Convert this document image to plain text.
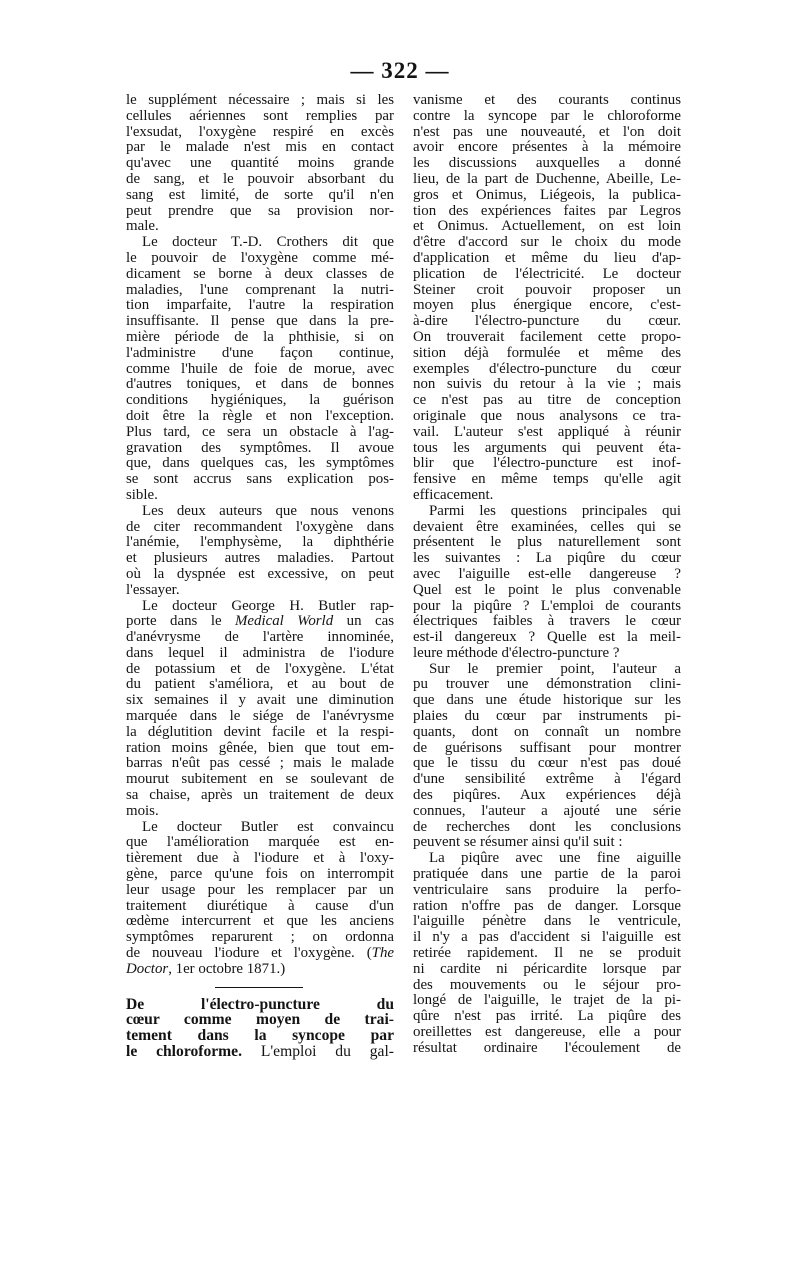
— 322 —
le supplément nécessaire ; mais si les
cellules aériennes sont remplies par
l'exsudat, l'oxygène respiré en excès
par le malade n'est mis en contact
qu'avec une quantité moins grande
de sang, et le pouvoir absorbant du
sang est limité, de sorte qu'il n'en
peut prendre que sa provision nor-
male.
Le docteur T.-D. Crothers dit que
le pouvoir de l'oxygène comme mé-
dicament se borne à deux classes de
maladies, l'une comprenant la nutri-
tion imparfaite, l'autre la respiration
insuffisante. Il pense que dans la pre-
mière période de la phthisie, si on
l'administre d'une façon continue,
comme l'huile de foie de morue, avec
d'autres toniques, et dans de bonnes
conditions hygiéniques, la guérison
doit être la règle et non l'exception.
Plus tard, ce sera un obstacle à l'ag-
gravation des symptômes. Il avoue
que, dans quelques cas, les symptômes
se sont accrus sans explication pos-
sible.
Les deux auteurs que nous venons
de citer recommandent l'oxygène dans
l'anémie, l'emphysème, la diphthérie
et plusieurs autres maladies. Partout
où la dyspnée est excessive, on peut
l'essayer.
Le docteur George H. Butler rap-
porte dans le Medical World un cas
d'anévrysme de l'artère innominée,
dans lequel il administra de l'iodure
de potassium et de l'oxygène. L'état
du patient s'améliora, et au bout de
six semaines il y avait une diminution
marquée dans le siége de l'anévrysme
la déglutition devint facile et la respi-
ration moins gênée, bien que tout em-
barras n'eût pas cessé ; mais le malade
mourut subitement en se soulevant de
sa chaise, après un traitement de deux
mois.
Le docteur Butler est convaincu
que l'amélioration marquée est en-
tièrement due à l'iodure et à l'oxy-
gène, parce qu'une fois on interrompit
leur usage pour les remplacer par un
traitement diurétique à cause d'un
œdème intercurrent et que les anciens
symptômes reparurent ; on ordonna
de nouveau l'iodure et l'oxygène. (The
Doctor, 1er octobre 1871.)
De l'électro-puncture du
cœur comme moyen de trai-
tement dans la syncope par
le chloroforme. L'emploi du gal-
vanisme et des courants continus
contre la syncope par le chloroforme
n'est pas une nouveauté, et l'on doit
avoir encore présentes à la mémoire
les discussions auxquelles a donné
lieu, de la part de Duchenne, Abeille, Le-
gros et Onimus, Liégeois, la publica-
tion des expériences faites par Legros
et Onimus. Actuellement, on est loin
d'être d'accord sur le choix du mode
d'application et même du lieu d'ap-
plication de l'électricité. Le docteur
Steiner croit pouvoir proposer un
moyen plus énergique encore, c'est-
à-dire l'électro-puncture du cœur.
On trouverait facilement cette propo-
sition déjà formulée et même des
exemples d'électro-puncture du cœur
non suivis du retour à la vie ; mais
ce n'est pas au titre de conception
originale que nous analysons ce tra-
vail. L'auteur s'est appliqué à réunir
tous les arguments qui peuvent éta-
blir que l'électro-puncture est inof-
fensive en même temps qu'elle agit
efficacement.
Parmi les questions principales qui
devaient être examinées, celles qui se
présentent le plus naturellement sont
les suivantes : La piqûre du cœur
avec l'aiguille est-elle dangereuse ?
Quel est le point le plus convenable
pour la piqûre ? L'emploi de courants
électriques faibles à travers le cœur
est-il dangereux ? Quelle est la meil-
leure méthode d'électro-puncture ?
Sur le premier point, l'auteur a
pu trouver une démonstration clini-
que dans une étude historique sur les
plaies du cœur par instruments pi-
quants, dont on connaît un nombre
de guérisons suffisant pour montrer
que le tissu du cœur n'est pas doué
d'une sensibilité extrême à l'égard
des piqûres. Aux expériences déjà
connues, l'auteur a ajouté une série
de recherches dont les conclusions
peuvent se résumer ainsi qu'il suit :
La piqûre avec une fine aiguille
pratiquée dans une partie de la paroi
ventriculaire sans produire la perfo-
ration n'offre pas de danger. Lorsque
l'aiguille pénètre dans le ventricule,
il n'y a pas d'accident si l'aiguille est
retirée rapidement. Il ne se produit
ni cardite ni péricardite lorsque par
des mouvements ou le séjour pro-
longé de l'aiguille, le trajet de la pi-
qûre n'est pas irrité. La piqûre des
oreillettes est dangereuse, elle a pour
résultat ordinaire l'écoulement de
